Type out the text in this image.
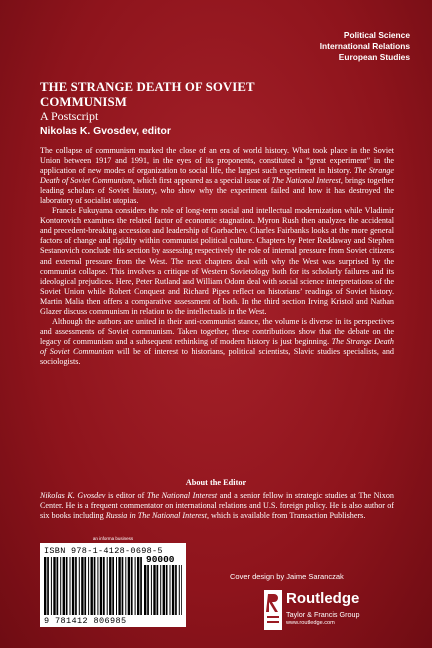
Political Science
International Relations
European Studies
THE STRANGE DEATH OF SOVIET
COMMUNISM
A Postscript
Nikolas K. Gvosdev, editor

The collapse of communism marked the close of an era of world history. What took place in the Soviet Union between 1917 and 1991, in the eyes of its proponents, constituted a “great experiment” in the application of new modes of organization to social life, the largest such experiment in history. The Strange Death of Soviet Communism, which first appeared as a special issue of The National Interest, brings together leading scholars of Soviet history, who show why the experiment failed and how it has destroyed the laboratory of socialist utopias.

Francis Fukuyama considers the role of long-term social and intellectual modernization while Vladimir Kontorovich examines the related factor of economic stagnation. Myron Rush then analyzes the accidental and precedent-breaking accession and leadership of Gorbachev. Charles Fairbanks looks at the more general factors of change and rigidity within communist political culture. Chapters by Peter Reddaway and Stephen Sestanovich conclude this section by assessing respectively the role of internal pressure from Soviet citizens and external pressure from the West. The next chapters deal with why the West was surprised by the communist collapse. This involves a critique of Western Sovietology both for its scholarly failures and its ideological prejudices. Here, Peter Rutland and William Odom deal with social science interpretations of the Soviet Union while Robert Conquest and Richard Pipes reflect on historians’ readings of Soviet history. Martin Malia then offers a comparative assessment of both. In the third section Irving Kristol and Nathan Glazer discuss communism in relation to the intellectuals in the West.

Although the authors are united in their anti-communist stance, the volume is diverse in its perspectives and assessments of Soviet communism. Taken together, these contributions show that the debate on the legacy of communism and a subsequent rethinking of modern history is just beginning. The Strange Death of Soviet Communism will be of interest to historians, political scientists, Slavic studies specialists, and sociologists.

About the Editor
Nikolas K. Gvosdev is editor of The National Interest and a senior fellow in strategic studies at The Nixon Center. He is a frequent commentator on international relations and U.S. foreign policy. He is also author of six books including Russia in The National Interest, which is available from Transaction Publishers.
an informa business
ISBN 978-1-4128-0698-5
90000
9 781412 806985
Cover design by Jaime Saranczak
Routledge
Taylor & Francis Group
www.routledge.com
